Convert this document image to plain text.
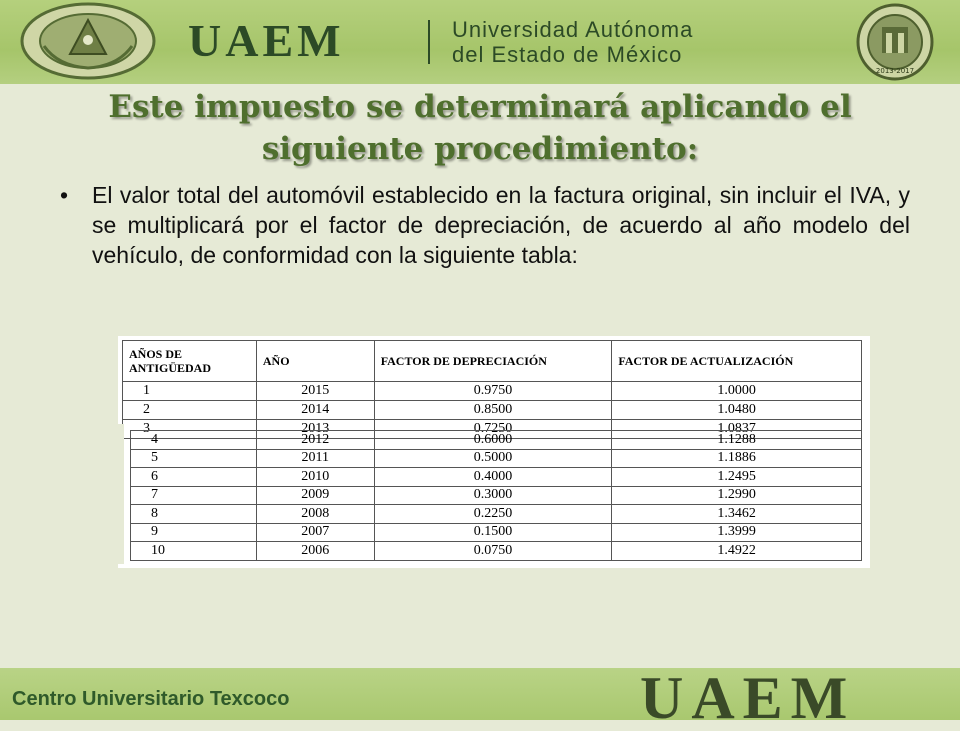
UAEM	Universidad Autónoma
del Estado de México
2013-2017
Este impuesto se determinará aplicando el siguiente procedimiento:
• El valor total del automóvil establecido en la factura original, sin incluir el IVA, y se multiplicará por el factor de depreciación, de acuerdo al año modelo del vehículo, de conformidad con la siguiente tabla:
AÑOS DE ANTIGÜEDAD	AÑO	FACTOR DE DEPRECIACIÓN	FACTOR DE ACTUALIZACIÓN
1	2015	0.9750	1.0000
2	2014	0.8500	1.0480
3	2013	0.7250	1.0837
4	2012	0.6000	1.1288
5	2011	0.5000	1.1886
6	2010	0.4000	1.2495
7	2009	0.3000	1.2990
8	2008	0.2250	1.3462
9	2007	0.1500	1.3999
10	2006	0.0750	1.4922
Centro Universitario Texcoco	UAEM
